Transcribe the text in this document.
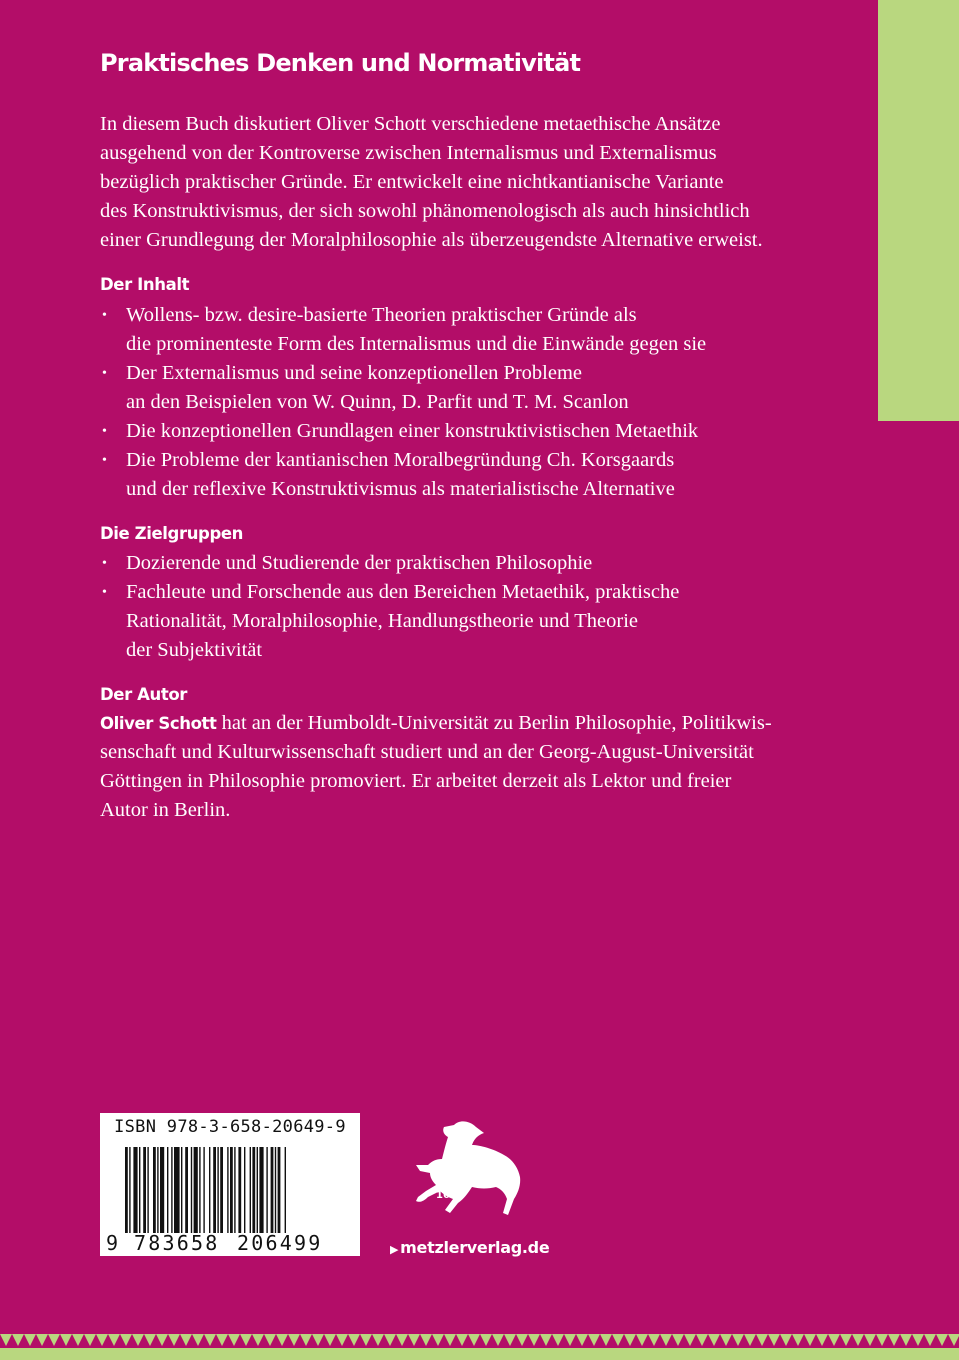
Praktisches Denken und Normativität

In diesem Buch diskutiert Oliver Schott verschiedene metaethische Ansätze
ausgehend von der Kontroverse zwischen Internalismus und Externalismus
bezüglich praktischer Gründe. Er entwickelt eine nichtkantianische Variante
des Konstruktivismus, der sich sowohl phänomenologisch als auch hinsichtlich
einer Grundlegung der Moralphilosophie als überzeugendste Alternative erweist.

Der Inhalt
• Wollens- bzw. desire-basierte Theorien praktischer Gründe als
die prominenteste Form des Internalismus und die Einwände gegen sie
• Der Externalismus und seine konzeptionellen Probleme
an den Beispielen von W. Quinn, D. Parfit und T. M. Scanlon
• Die konzeptionellen Grundlagen einer konstruktivistischen Metaethik
• Die Probleme der kantianischen Moralbegründung Ch. Korsgaards
und der reflexive Konstruktivismus als materialistische Alternative
Die Zielgruppen
• Dozierende und Studierende der praktischen Philosophie
• Fachleute und Forschende aus den Bereichen Metaethik, praktische
Rationalität, Moralphilosophie, Handlungstheorie und Theorie
der Subjektivität
Der Autor

Oliver Schott hat an der Humboldt-Universität zu Berlin Philosophie, Politikwis-
senschaft und Kulturwissenschaft studiert und an der Georg-August-Universität
Göttingen in Philosophie promoviert. Er arbeitet derzeit als Lektor und freier
Autor in Berlin.

ISBN 978-3-658-20649-9
9 783658 206499
1682
▶ metzlerverlag.de
